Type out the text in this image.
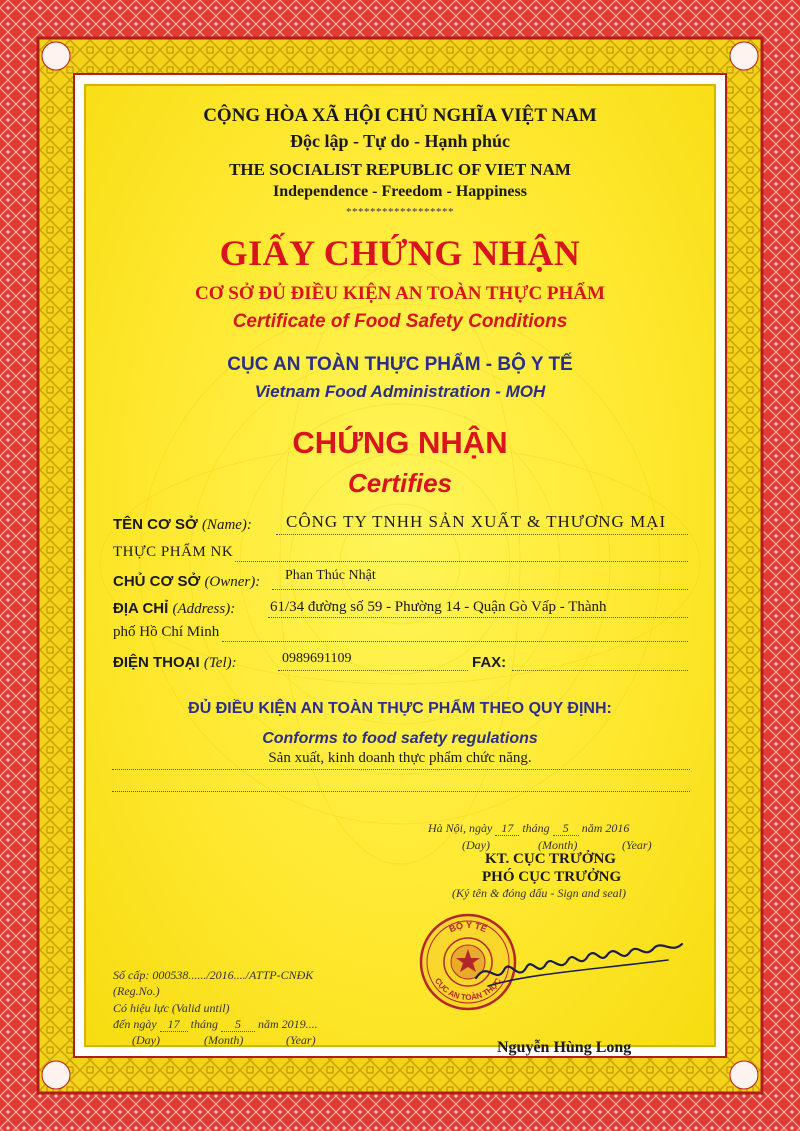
CỘNG HÒA XÃ HỘI CHỦ NGHĨA VIỆT NAM
Độc lập - Tự do - Hạnh phúc
THE SOCIALIST REPUBLIC OF VIET NAM
Independence - Freedom - Happiness
******************
GIẤY CHỨNG NHẬN
CƠ SỞ ĐỦ ĐIỀU KIỆN AN TOÀN THỰC PHẨM
Certificate of Food Safety Conditions
CỤC AN TOÀN THỰC PHẨM - BỘ Y TẾ
Vietnam Food Administration - MOH
CHỨNG NHẬN
Certifies
TÊN CƠ SỞ (Name): CÔNG TY TNHH SẢN XUẤT & THƯƠNG MẠI
THỰC PHẨM NK
CHỦ CƠ SỞ (Owner): Phan Thúc Nhật
ĐỊA CHỈ (Address): 61/34 đường số 59 - Phường 14 - Quận Gò Vấp - Thành
phố Hồ Chí Minh
ĐIỆN THOẠI (Tel):	0989691109	FAX:
ĐỦ ĐIỀU KIỆN AN TOÀN THỰC PHẨM THEO QUY ĐỊNH:
Conforms to food safety regulations
Sản xuất, kinh doanh thực phẩm chức năng.
Hà Nội, ngày 17 tháng 5 năm 2016
(Day)	(Month)	(Year)
KT. CỤC TRƯỞNG
PHÓ CỤC TRƯỞNG
(Ký tên & đóng dấu - Sign and seal)
BỘ Y TẾ
CỤC AN TOÀN THỰC
Nguyễn Hùng Long
Số cấp: 000538....../2016..../ATTP-CNĐK
(Reg.No.)
Có hiệu lực (Valid until)
đến ngày 17 tháng 5 năm 2019....
(Day)	(Month)	(Year)
